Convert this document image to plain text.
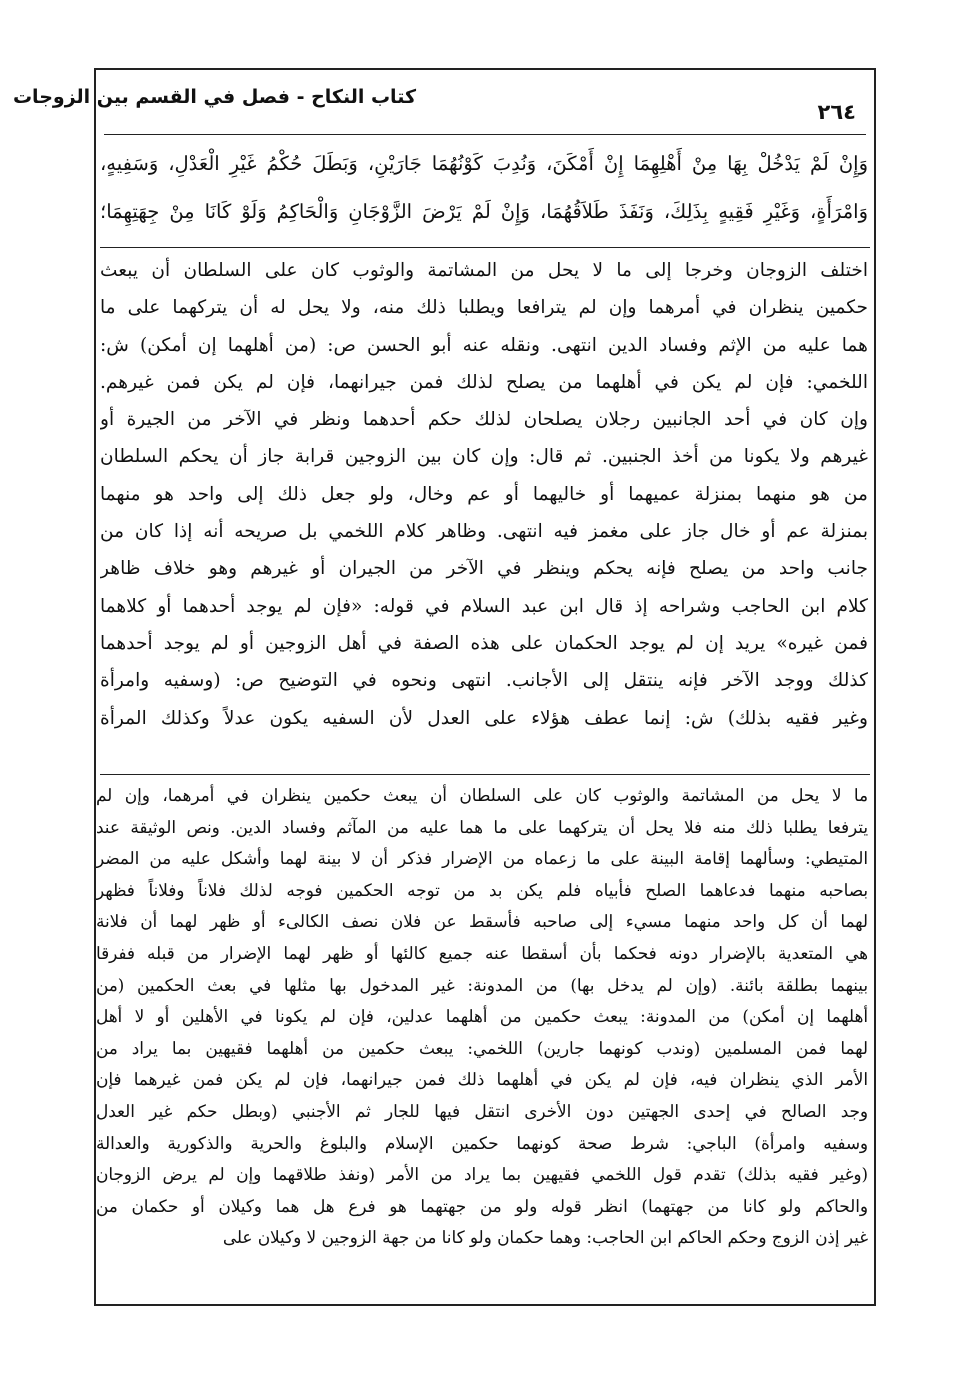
كتاب النكاح - فصل في القسم بين الزوجات
٢٦٤
وَإِنْ لَمْ يَدْخُلْ بِهَا مِنْ أَهْلِهِمَا إِنْ أَمْكَنَ، وَنُدِبَ كَوْنُهُمَا جَارَيْنِ، وَبَطَلَ حُكْمُ غَيْرِ الْعَدْلِ، وَسَفِيهٍ،
وَامْرَأَةٍ، وَغَيْرِ فَقِيهٍ بِذَلِكَ، وَنَفَذَ طَلاَقُهُمَا، وَإِنْ لَمْ يَرْضَ الزَّوْجَانِ وَالْحَاكِمُ وَلَوْ كَانَا مِنْ جِهَتِهِمَا؛
اختلف الزوجان وخرجا إلى ما لا يحل من المشاتمة والوثوب كان على السلطان أن يبعث
حكمين ينظران في أمرهما وإن لم يترافعا ويطلبا ذلك منه، ولا يحل له أن يتركهما على ما
هما عليه من الإثم وفساد الدين انتهى. ونقله عنه أبو الحسن ص: (من أهلهما إن أمكن) ش:
اللخمي: فإن لم يكن في أهلهما من يصلح لذلك فمن جيرانهما، فإن لم يكن فمن غيرهم.
وإن كان في أحد الجانبين رجلان يصلحان لذلك حكم أحدهما ونظر في الآخر من الجيرة أو
غيرهم ولا يكونا من أخذ الجنبين. ثم قال: وإن كان بين الزوجين قرابة جاز أن يحكم السلطان
من هو منهما بمنزلة عميهما أو خاليهما أو عم وخال، ولو جعل ذلك إلى واحد هو منهما
بمنزلة عم أو خال جاز على مغمز فيه انتهى. وظاهر كلام اللخمي بل صريحه أنه إذا كان من
جانب واحد من يصلح فإنه يحكم وينظر في الآخر من الجيران أو غيرهم وهو خلاف ظاهر
كلام ابن الحاجب وشراحه إذ قال ابن عبد السلام في قوله: «فإن لم يوجد أحدهما أو كلاهما
فمن غيره» يريد إن لم يوجد الحكمان على هذه الصفة في أهل الزوجين أو لم يوجد أحدهما
كذلك ووجد الآخر فإنه ينتقل إلى الأجانب. انتهى ونحوه في التوضيح ص: (وسفيه وامرأة
وغير فقيه بذلك) ش: إنما عطف هؤلاء على العدل لأن السفيه يكون عدلاً وكذلك المرأة
ما لا يحل من المشاتمة والوثوب كان على السلطان أن يبعث حكمين ينظران في أمرهما، وإن لم
يترفعا يطلبا ذلك منه فلا يحل أن يتركهما على ما هما عليه من المآثم وفساد الدين. ونص الوثيقة عند
المتيطي: وسألهما إقامة البينة على ما زعماه من الإضرار فذكر أن لا بينة لهما وأشكل عليه من المضر
بصاحبه منهما فدعاهما الصلح فأبياه فلم يكن بد من توجه الحكمين فوجه لذلك فلاناً وفلاناً فظهر
لهما أن كل واحد منهما مسيء إلى صاحبه فأسقط عن فلان نصف الكالىء أو ظهر لهما أن فلانة
هي المتعدية بالإضرار دونه فحكما بأن أسقطا عنه جميع كالئها أو ظهر لهما الإضرار من قبله ففرقا
بينهما بطلقة بائنة. (وإن لم يدخل بها) من المدونة: غير المدخول بها مثلها في بعث الحكمين (من
أهلهما إن أمكن) من المدونة: يبعث حكمين من أهلهما عدلين، فإن لم يكونا في الأهلين أو لا أهل
لهما فمن المسلمين (وندب كونهما جارين) اللخمي: يبعث حكمين من أهلهما فقيهين بما يراد من
الأمر الذي ينظران فيه، فإن لم يكن في أهلهما ذلك فمن جيرانهما، فإن لم يكن فمن غيرهما فإن
وجد الصالح في إحدى الجهتين دون الأخرى انتقل فيها للجار ثم الأجنبي (وبطل حكم غير العدل
وسفيه وامرأة) الباجي: شرط صحة كونهما حكمين الإسلام والبلوغ والحرية والذكورية والعدالة
(وغير فقيه بذلك) تقدم قول اللخمي فقيهين بما يراد من الأمر (ونفذ طلاقهما وإن لم يرض الزوجان
والحاكم ولو كانا من جهتهما) انظر قوله ولو من جهتهما هو فرع هل هما وكيلان أو حكمان من
غير إذن الزوج وحكم الحاكم ابن الحاجب: وهما حكمان ولو كانا من جهة الزوجين لا وكيلان على
